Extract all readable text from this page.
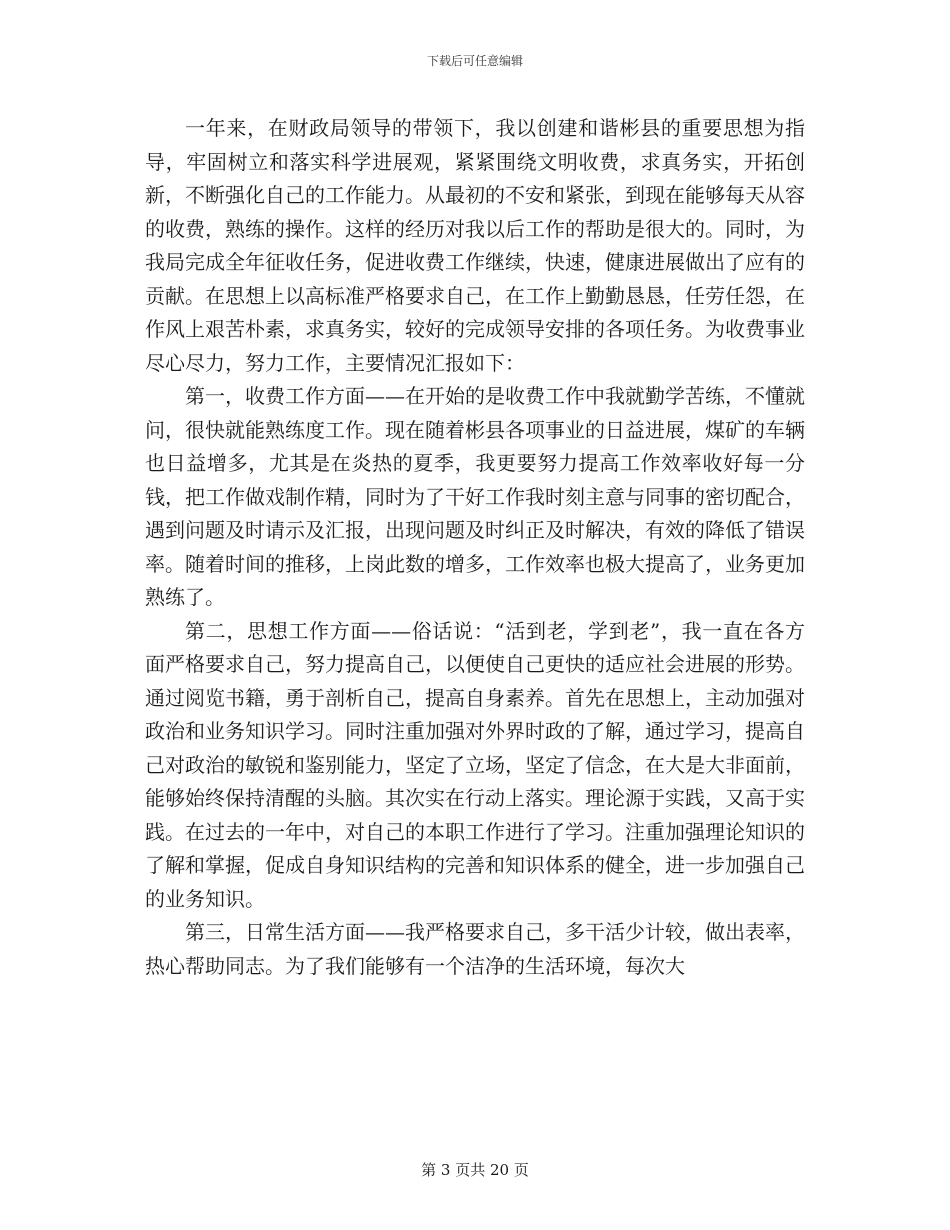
下载后可任意编辑

一年来，在财政局领导的带领下，我以创建和谐彬县的重要思想为指导，牢固树立和落实科学进展观，紧紧围绕文明收费，求真务实，开拓创新，不断强化自己的工作能力。从最初的不安和紧张，到现在能够每天从容的收费，熟练的操作。这样的经历对我以后工作的帮助是很大的。同时，为我局完成全年征收任务，促进收费工作继续，快速，健康进展做出了应有的贡献。在思想上以高标准严格要求自己，在工作上勤勤恳恳，任劳任怨，在作风上艰苦朴素，求真务实，较好的完成领导安排的各项任务。为收费事业尽心尽力，努力工作，主要情况汇报如下：

第一，收费工作方面——在开始的是收费工作中我就勤学苦练，不懂就问，很快就能熟练度工作。现在随着彬县各项事业的日益进展，煤矿的车辆也日益增多，尤其是在炎热的夏季，我更要努力提高工作效率收好每一分钱，把工作做戏制作精，同时为了干好工作我时刻主意与同事的密切配合，遇到问题及时请示及汇报，出现问题及时纠正及时解决，有效的降低了错误率。随着时间的推移，上岗此数的增多，工作效率也极大提高了，业务更加熟练了。

第二，思想工作方面——俗话说：“活到老，学到老”，我一直在各方面严格要求自己，努力提高自己，以便使自己更快的适应社会进展的形势。通过阅览书籍，勇于剖析自己，提高自身素养。首先在思想上，主动加强对政治和业务知识学习。同时注重加强对外界时政的了解，通过学习，提高自己对政治的敏锐和鉴别能力，坚定了立场，坚定了信念，在大是大非面前，能够始终保持清醒的头脑。其次实在行动上落实。理论源于实践，又高于实践。在过去的一年中，对自己的本职工作进行了学习。注重加强理论知识的了解和掌握，促成自身知识结构的完善和知识体系的健全，进一步加强自己的业务知识。

第三，日常生活方面——我严格要求自己，多干活少计较，做出表率，热心帮助同志。为了我们能够有一个洁净的生活环境，每次大

第 3 页共 20 页
